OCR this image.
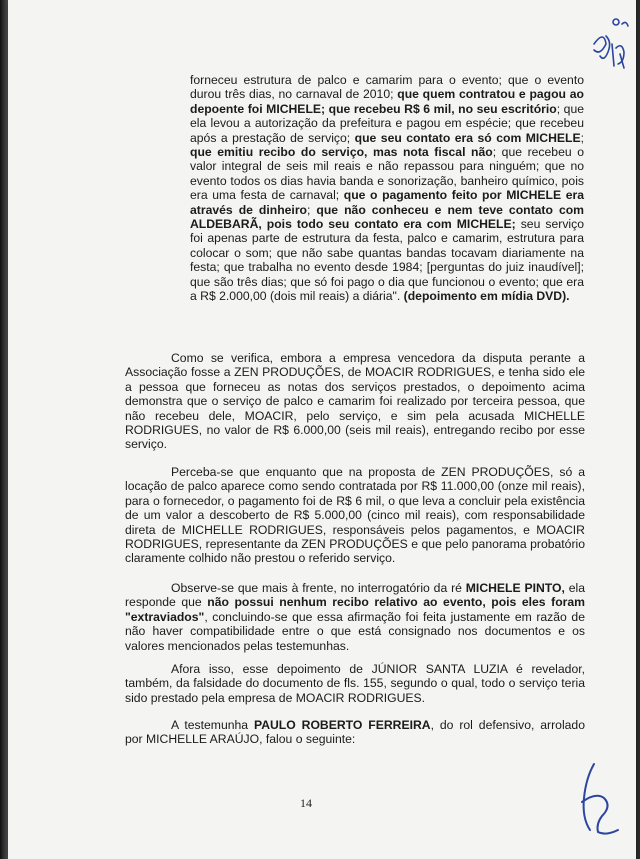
forneceu estrutura de palco e camarim para o evento; que o evento durou três dias, no carnaval de 2010; que quem contratou e pagou ao depoente foi MICHELE; que recebeu R$ 6 mil, no seu escritório; que ela levou a autorização da prefeitura e pagou em espécie; que recebeu após a prestação de serviço; que seu contato era só com MICHELE; que emitiu recibo do serviço, mas nota fiscal não; que recebeu o valor integral de seis mil reais e não repassou para ninguém; que no evento todos os dias havia banda e sonorização, banheiro químico, pois era uma festa de carnaval; que o pagamento feito por MICHELE era através de dinheiro; que não conheceu e nem teve contato com ALDEBARÃ, pois todo seu contato era com MICHELE; seu serviço foi apenas parte de estrutura da festa, palco e camarim, estrutura para colocar o som; que não sabe quantas bandas tocavam diariamente na festa; que trabalha no evento desde 1984; [perguntas do juiz inaudível]; que são três dias; que só foi pago o dia que funcionou o evento; que era a R$ 2.000,00 (dois mil reais) a diária". (depoimento em mídia DVD).

Como se verifica, embora a empresa vencedora da disputa perante a Associação fosse a ZEN PRODUÇÕES, de MOACIR RODRIGUES, e tenha sido ele a pessoa que forneceu as notas dos serviços prestados, o depoimento acima demonstra que o serviço de palco e camarim foi realizado por terceira pessoa, que não recebeu dele, MOACIR, pelo serviço, e sim pela acusada MICHELLE RODRIGUES, no valor de R$ 6.000,00 (seis mil reais), entregando recibo por esse serviço.

Perceba-se que enquanto que na proposta de ZEN PRODUÇÕES, só a locação de palco aparece como sendo contratada por R$ 11.000,00 (onze mil reais), para o fornecedor, o pagamento foi de R$ 6 mil, o que leva a concluir pela existência de um valor a descoberto de R$ 5.000,00 (cinco mil reais), com responsabilidade direta de MICHELLE RODRIGUES, responsáveis pelos pagamentos, e MOACIR RODRIGUES, representante da ZEN PRODUÇÕES e que pelo panorama probatório claramente colhido não prestou o referido serviço.

Observe-se que mais à frente, no interrogatório da ré MICHELE PINTO, ela responde que não possui nenhum recibo relativo ao evento, pois eles foram "extraviados", concluindo-se que essa afirmação foi feita justamente em razão de não haver compatibilidade entre o que está consignado nos documentos e os valores mencionados pelas testemunhas.

Afora isso, esse depoimento de JÚNIOR SANTA LUZIA é revelador, também, da falsidade do documento de fls. 155, segundo o qual, todo o serviço teria sido prestado pela empresa de MOACIR RODRIGUES.

A testemunha PAULO ROBERTO FERREIRA, do rol defensivo, arrolado por MICHELLE ARAÚJO, falou o seguinte:

14
